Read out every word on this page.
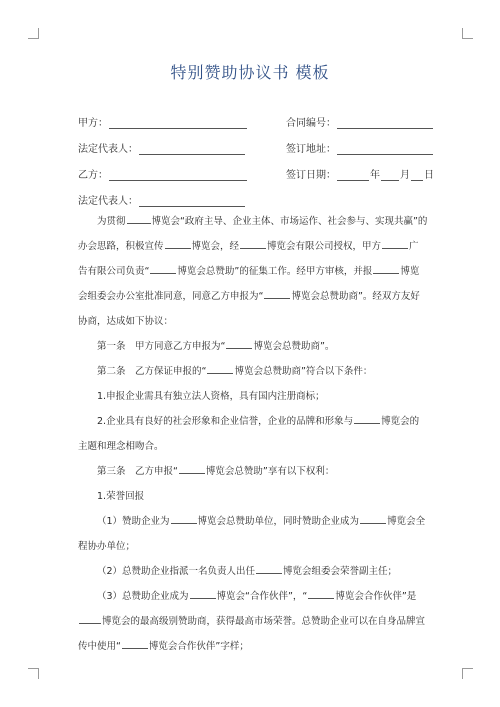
特别赞助协议书 模板
甲方：	合同编号：
法定代表人：	签订地址：
乙方：	签订日期：	年 月 日
法定代表人：

为贯彻	博览会“政府主导、企业主体、市场运作、社会参与、实现共赢”的办会思路，积极宣传	博览会，经	博览会有限公司授权，甲方	广告有限公司负责“	博览会总赞助”的征集工作。经甲方审核，并报	博览会组委会办公室批准同意，同意乙方申报为“	博览会总赞助商”。经双方友好协商，达成如下协议：

第一条　甲方同意乙方申报为“	博览会总赞助商”。

第二条　乙方保证申报的“	博览会总赞助商”符合以下条件：

1.申报企业需具有独立法人资格，具有国内注册商标；

2.企业具有良好的社会形象和企业信誉，企业的品牌和形象与	博览会的主题和理念相吻合。

第三条　乙方申报“	博览会总赞助”享有以下权利：

1.荣誉回报

（1）赞助企业为	博览会总赞助单位，同时赞助企业成为	博览会全程协办单位；

（2）总赞助企业指派一名负责人出任	博览会组委会荣誉副主任；

（3）总赞助企业成为	博览会“合作伙伴”，“	博览会合作伙伴”是博览会的最高级别赞助商，获得最高市场荣誉。总赞助企业可以在自身品牌宣传中使用“	博览会合作伙伴”字样；
